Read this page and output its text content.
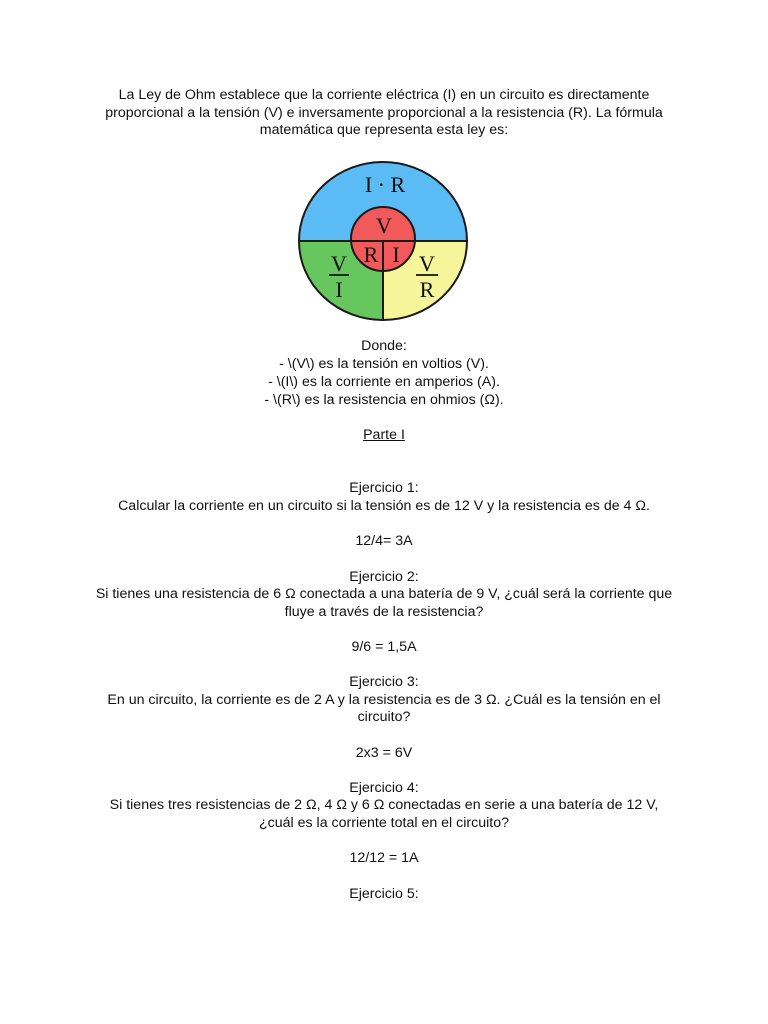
La Ley de Ohm establece que la corriente eléctrica (I) en un circuito es directamente
proporcional a la tensión (V) e inversamente proporcional a la resistencia (R). La fórmula
matemática que representa esta ley es:
I · R
V
R I
V
I
V
R
Donde:
- \(V\) es la tensión en voltios (V).
- \(I\) es la corriente en amperios (A).
- \(R\) es la resistencia en ohmios (Ω).
Parte I
Ejercicio 1:
Calcular la corriente en un circuito si la tensión es de 12 V y la resistencia es de 4 Ω.
12/4= 3A
Ejercicio 2:
Si tienes una resistencia de 6 Ω conectada a una batería de 9 V, ¿cuál será la corriente que
fluye a través de la resistencia?
9/6 = 1,5A
Ejercicio 3:
En un circuito, la corriente es de 2 A y la resistencia es de 3 Ω. ¿Cuál es la tensión en el
circuito?
2x3 = 6V
Ejercicio 4:
Si tienes tres resistencias de 2 Ω, 4 Ω y 6 Ω conectadas en serie a una batería de 12 V,
¿cuál es la corriente total en el circuito?
12/12 = 1A
Ejercicio 5:
